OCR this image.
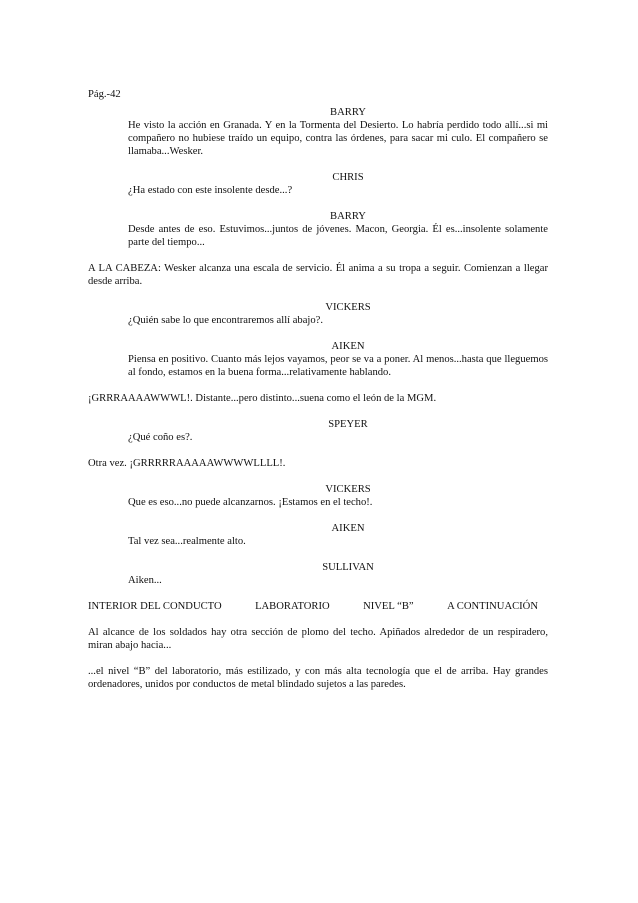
Pág.-42

BARRY

He visto la acción en Granada. Y en la Tormenta del Desierto. Lo habría perdido todo allí...si mi compañero no hubiese traído un equipo, contra las órdenes, para sacar mi culo. El compañero se llamaba...Wesker.

CHRIS

¿Ha estado con este insolente desde...?

BARRY

Desde antes de eso. Estuvimos...juntos de jóvenes. Macon, Georgia. Él es...insolente solamente parte del tiempo...

A LA CABEZA: Wesker alcanza una escala de servicio. Él anima a su tropa a seguir. Comienzan a llegar desde arriba.

VICKERS

¿Quién sabe lo que encontraremos allí abajo?.

AIKEN

Piensa en positivo. Cuanto más lejos vayamos, peor se va a poner. Al menos...hasta que lleguemos al fondo, estamos en la buena forma...relativamente hablando.

¡GRRRAAAAWWWL!. Distante...pero distinto...suena como el león de la MGM.

SPEYER

¿Qué coño es?.

Otra vez. ¡GRRRRRAAAAAWWWWLLLL!.

VICKERS

Que es eso...no puede alcanzarnos. ¡Estamos en el techo!.

AIKEN

Tal vez sea...realmente alto.

SULLIVAN

Aiken...

INTERIOR DEL CONDUCTO	LABORATORIO	NIVEL “B”	A CONTINUACIÓN

Al alcance de los soldados hay otra sección de plomo del techo. Apiñados alrededor de un respiradero, miran abajo hacia...

...el nivel “B” del laboratorio, más estilizado, y con más alta tecnología que el de arriba. Hay grandes ordenadores, unidos por conductos de metal blindado sujetos a las paredes.
